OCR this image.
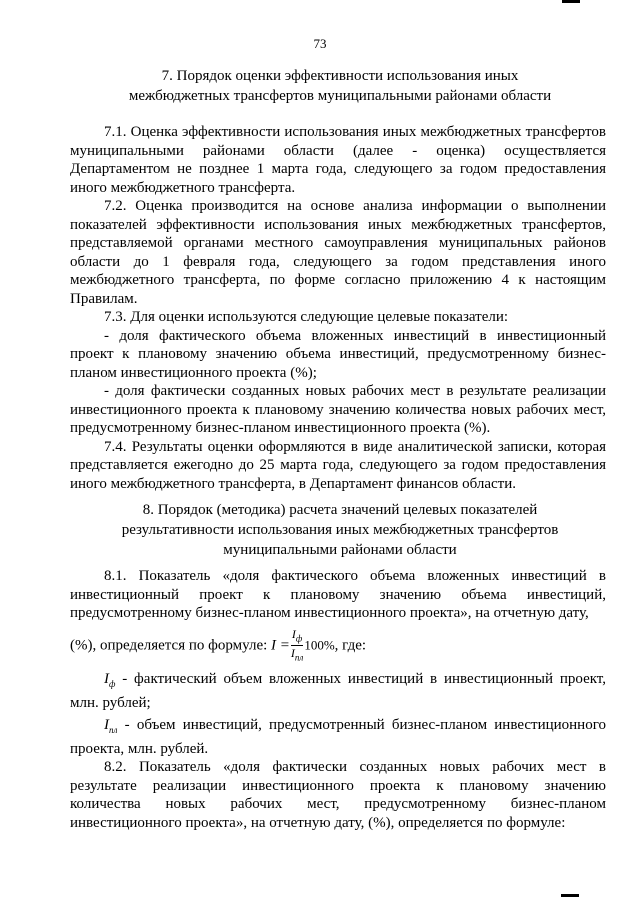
73
7. Порядок оценки эффективности использования иных
межбюджетных трансфертов муниципальными районами области

7.1. Оценка эффективности использования иных межбюджетных трансфертов муниципальными районами области (далее - оценка) осуществляется Департаментом не позднее 1 марта года, следующего за годом предоставления иного межбюджетного трансферта.

7.2. Оценка производится на основе анализа информации о выполнении показателей эффективности использования иных межбюджетных трансфертов, представляемой органами местного самоуправления муниципальных районов области до 1 февраля года, следующего за годом представления иного межбюджетного трансферта, по форме согласно приложению 4 к настоящим Правилам.

7.3. Для оценки используются следующие целевые показатели:

- доля фактического объема вложенных инвестиций в инвестиционный проект к плановому значению объема инвестиций, предусмотренному бизнес-планом инвестиционного проекта (%);

- доля фактически созданных новых рабочих мест в результате реализации инвестиционного проекта к плановому значению количества новых рабочих мест, предусмотренному бизнес-планом инвестиционного проекта (%).

7.4. Результаты оценки оформляются в виде аналитической записки, которая представляется ежегодно до 25 марта года, следующего за годом предоставления иного межбюджетного трансферта, в Департамент финансов области.

8. Порядок (методика) расчета значений целевых показателей
результативности использования иных межбюджетных трансфертов
муниципальными районами области

8.1. Показатель «доля фактического объема вложенных инвестиций в инвестиционный проект к плановому значению объема инвестиций, предусмотренному бизнес-планом инвестиционного проекта», на отчетную дату,

(%), определяется по формуле: $I = \frac{I_ф}{I_{пл}} 100\%$, где:

$I_ф$ - фактический объем вложенных инвестиций в инвестиционный проект, млн. рублей;

$I_{пл}$ - объем инвестиций, предусмотренный бизнес-планом инвестиционного проекта, млн. рублей.

8.2. Показатель «доля фактически созданных новых рабочих мест в результате реализации инвестиционного проекта к плановому значению количества новых рабочих мест, предусмотренному бизнес-планом инвестиционного проекта», на отчетную дату, (%), определяется по формуле:
